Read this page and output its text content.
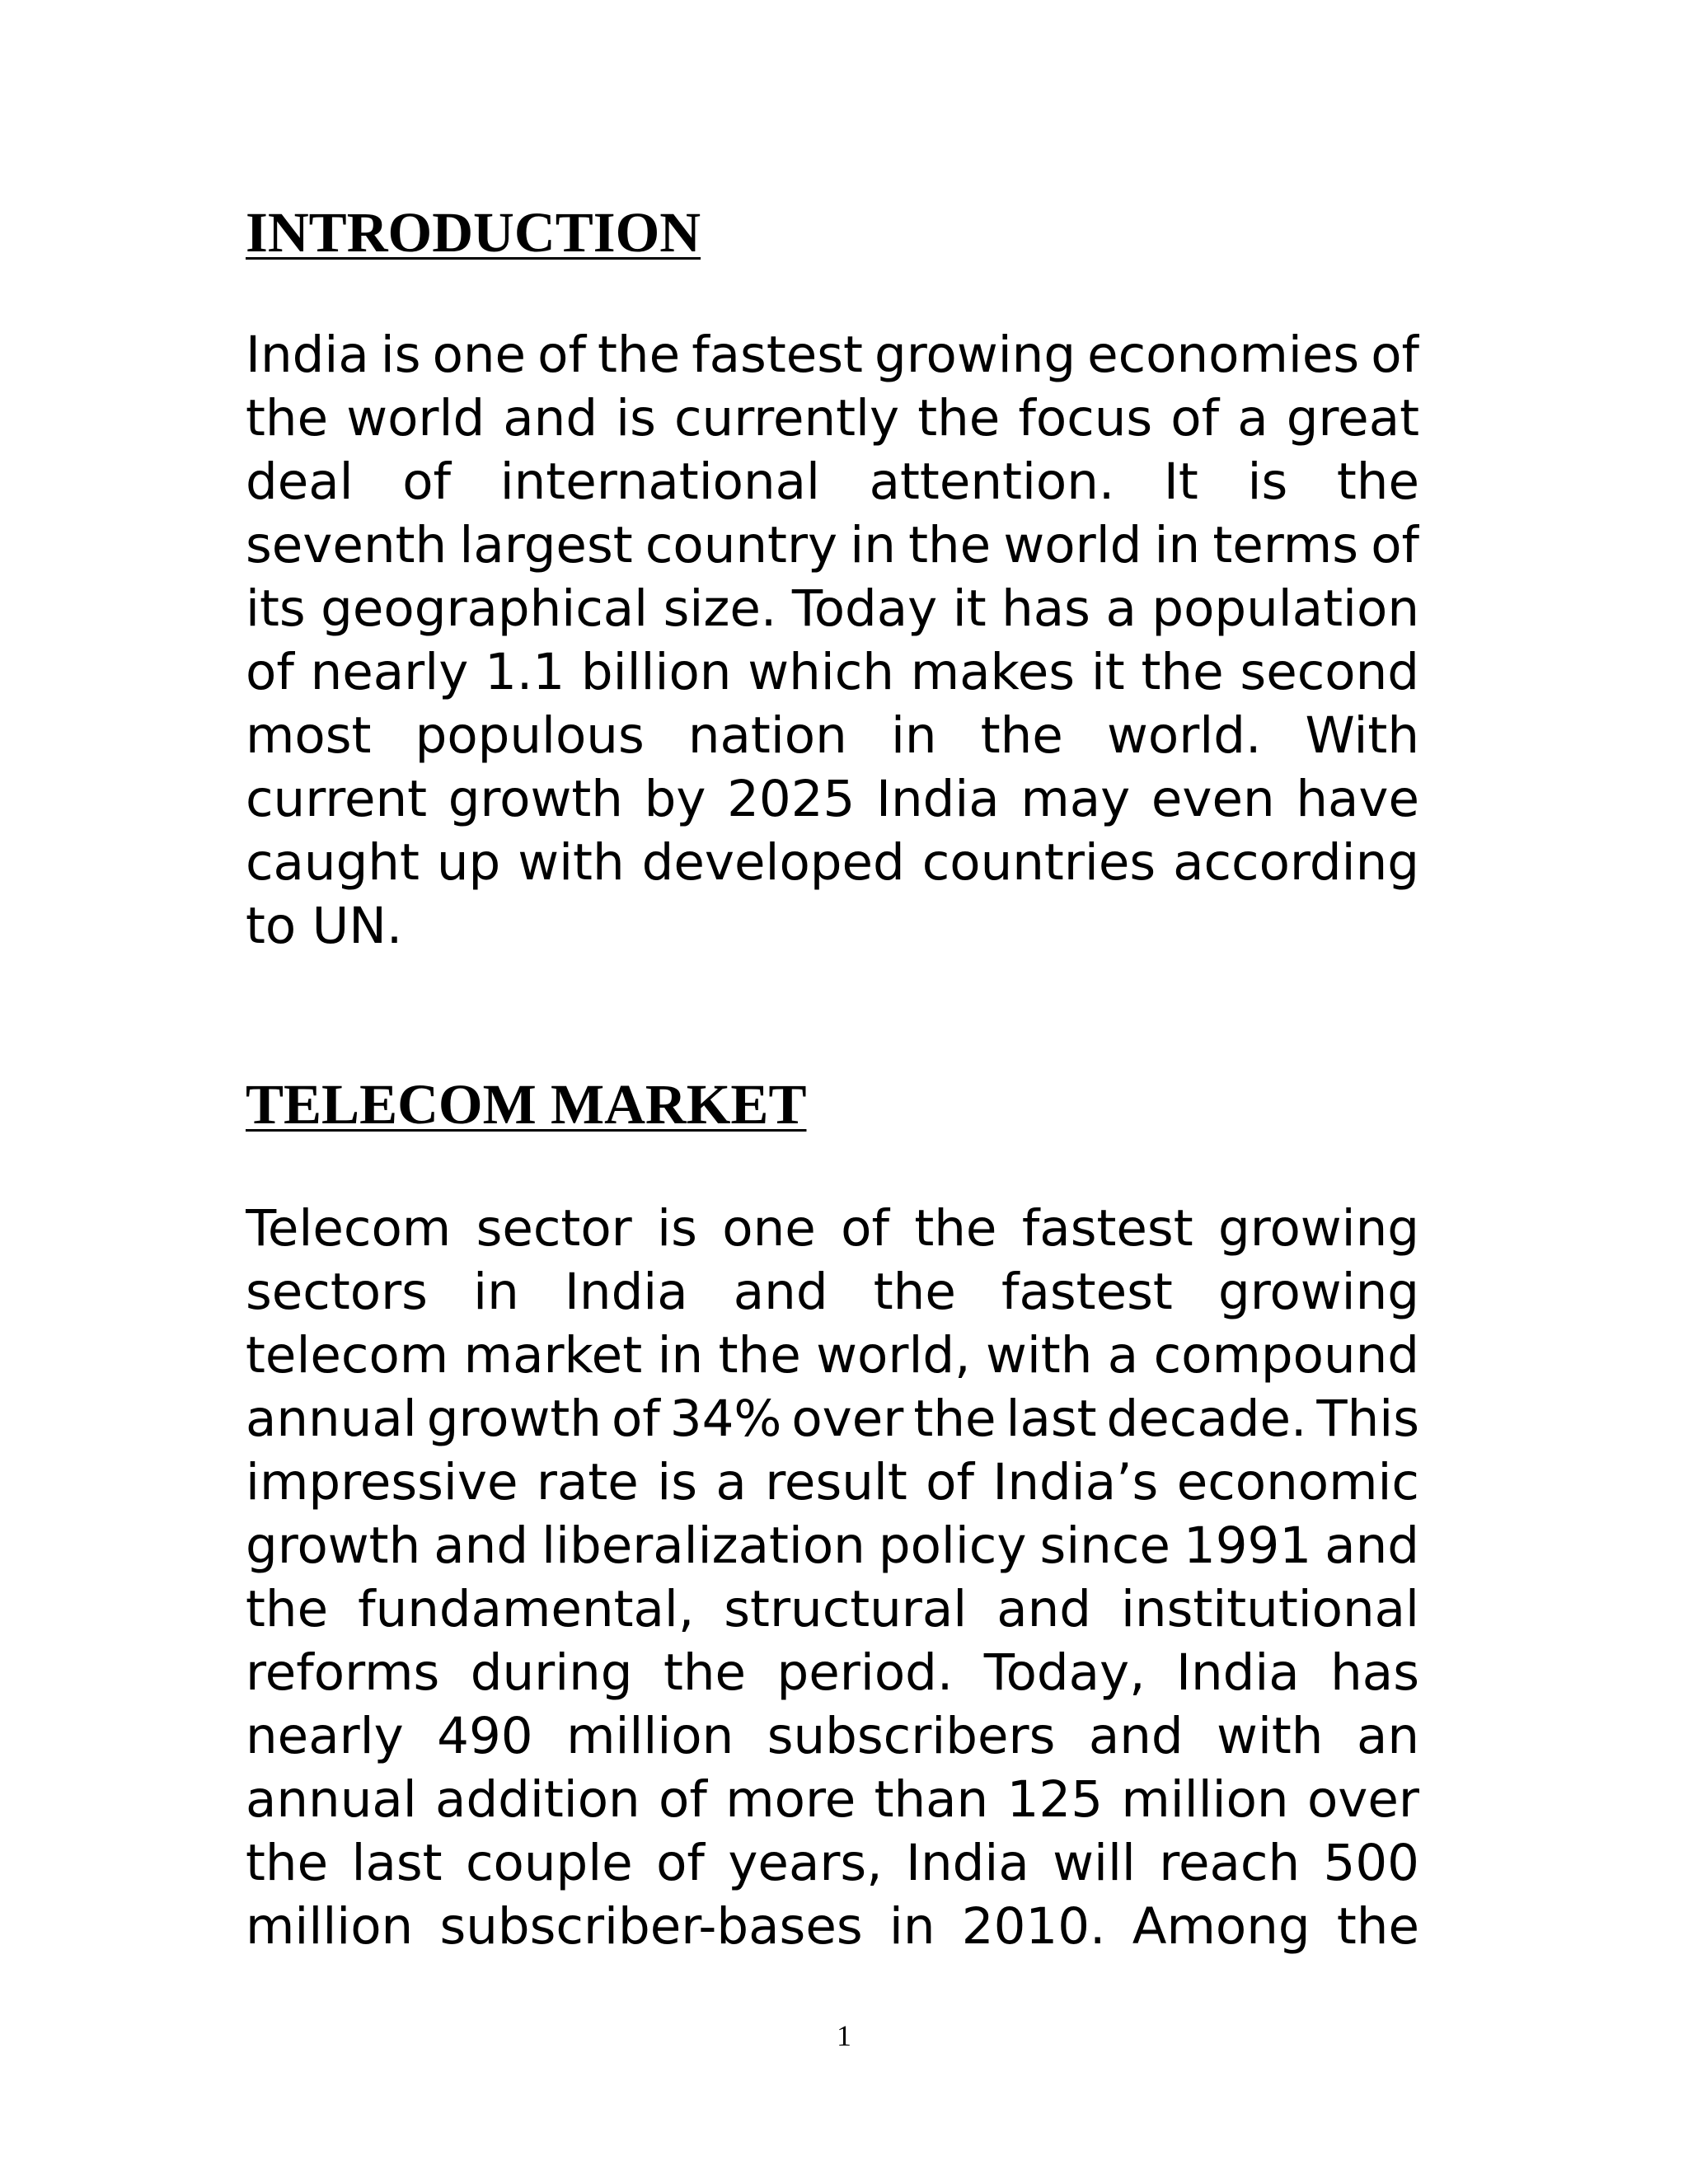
INTRODUCTION
India is one of the fastest growing economies of
the world and is currently the focus of a great
deal of international attention. It is the
seventh largest country in the world in terms of
its geographical size. Today it has a population
of nearly 1.1 billion which makes it the second
most populous nation in the world. With
current growth by 2025 India may even have
caught up with developed countries according
to UN.
TELECOM MARKET
Telecom sector is one of the fastest growing
sectors in India and the fastest growing
telecom market in the world, with a compound
annual growth of 34% over the last decade. This
impressive rate is a result of India’s economic
growth and liberalization policy since 1991 and
the fundamental, structural and institutional
reforms during the period. Today, India has
nearly 490 million subscribers and with an
annual addition of more than 125 million over
the last couple of years, India will reach 500
million subscriber-bases in 2010. Among the
1
